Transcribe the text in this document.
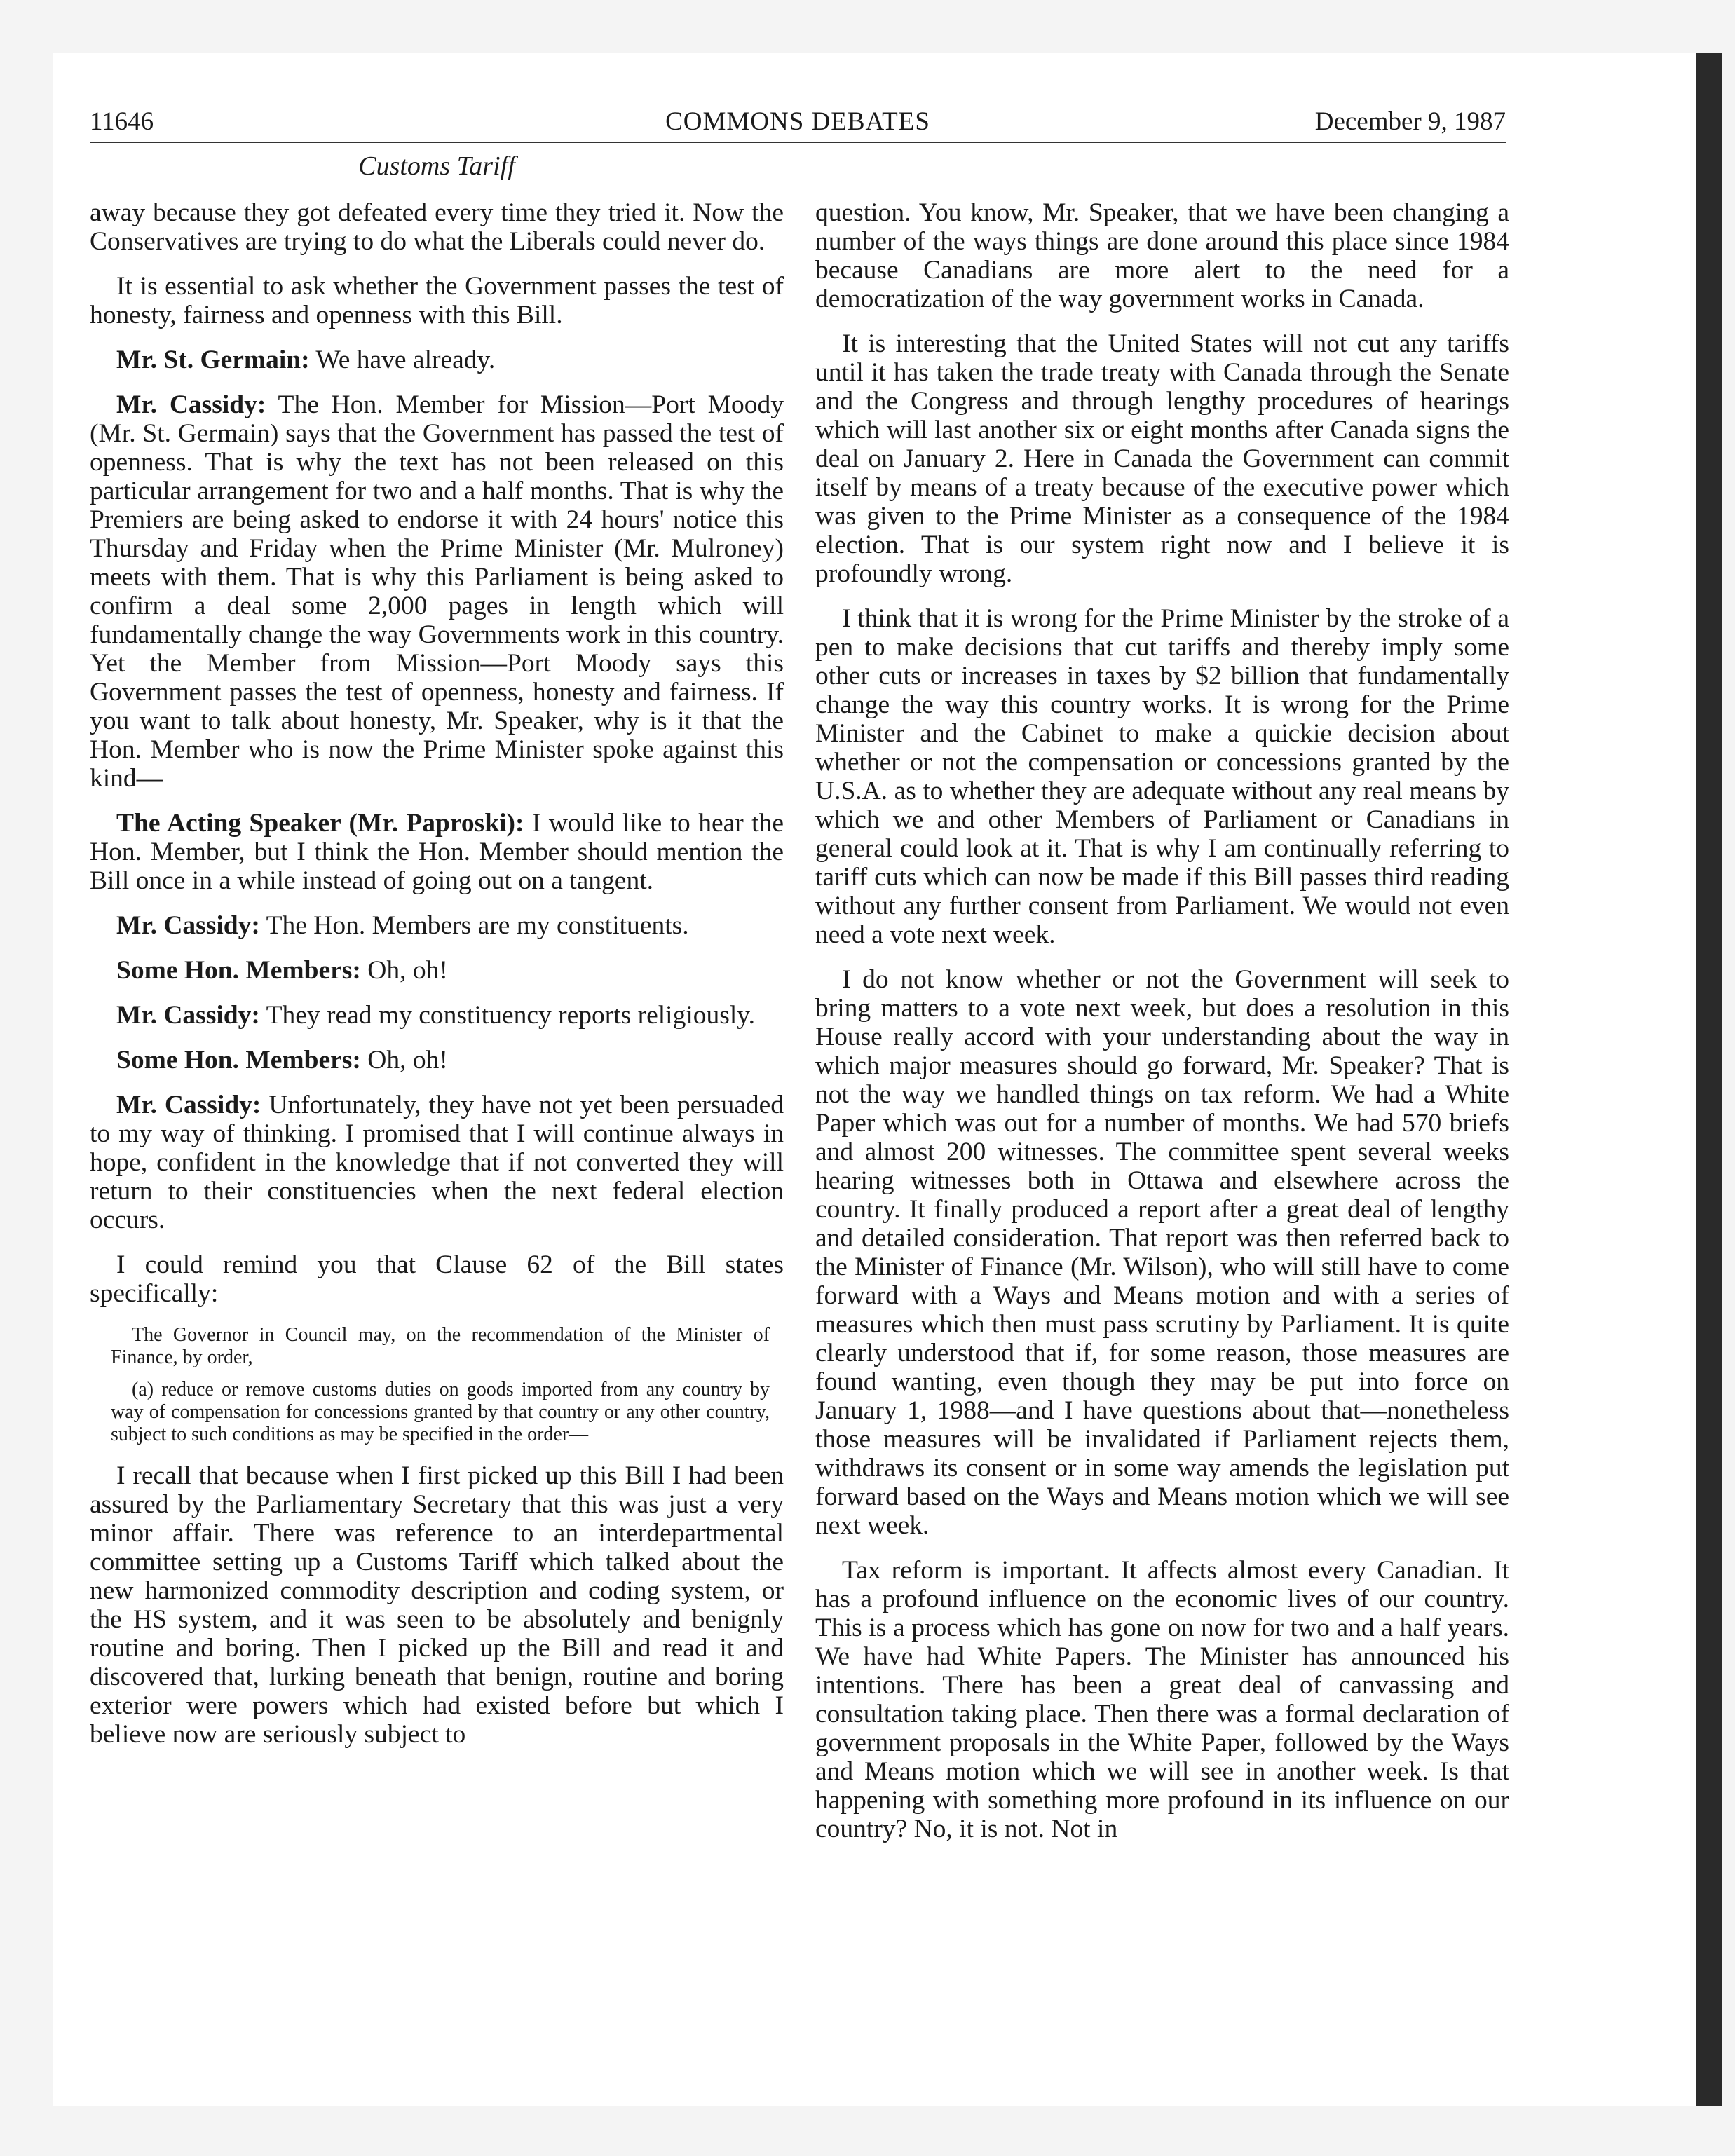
11646	COMMONS DEBATES	December 9, 1987
Customs Tariff

away because they got defeated every time they tried it. Now the Conservatives are trying to do what the Liberals could never do.

It is essential to ask whether the Government passes the test of honesty, fairness and openness with this Bill.

Mr. St. Germain: We have already.

Mr. Cassidy: The Hon. Member for Mission—Port Moody (Mr. St. Germain) says that the Government has passed the test of openness. That is why the text has not been released on this particular arrangement for two and a half months. That is why the Premiers are being asked to endorse it with 24 hours' notice this Thursday and Friday when the Prime Minister (Mr. Mulroney) meets with them. That is why this Parliament is being asked to confirm a deal some 2,000 pages in length which will fundamentally change the way Governments work in this country. Yet the Member from Mission—Port Moody says this Government passes the test of openness, honesty and fairness. If you want to talk about honesty, Mr. Speaker, why is it that the Hon. Member who is now the Prime Minister spoke against this kind—

The Acting Speaker (Mr. Paproski): I would like to hear the Hon. Member, but I think the Hon. Member should mention the Bill once in a while instead of going out on a tangent.

Mr. Cassidy: The Hon. Members are my constituents.

Some Hon. Members: Oh, oh!

Mr. Cassidy: They read my constituency reports religiously.

Some Hon. Members: Oh, oh!

Mr. Cassidy: Unfortunately, they have not yet been persuaded to my way of thinking. I promised that I will continue always in hope, confident in the knowledge that if not converted they will return to their constituencies when the next federal election occurs.

I could remind you that Clause 62 of the Bill states specifically:

The Governor in Council may, on the recommendation of the Minister of Finance, by order,
(a) reduce or remove customs duties on goods imported from any country by way of compensation for concessions granted by that country or any other country, subject to such conditions as may be specified in the order—

I recall that because when I first picked up this Bill I had been assured by the Parliamentary Secretary that this was just a very minor affair. There was reference to an interdepartmental committee setting up a Customs Tariff which talked about the new harmonized commodity description and coding system, or the HS system, and it was seen to be absolutely and benignly routine and boring. Then I picked up the Bill and read it and discovered that, lurking beneath that benign, routine and boring exterior were powers which had existed before but which I believe now are seriously subject to

question. You know, Mr. Speaker, that we have been changing a number of the ways things are done around this place since 1984 because Canadians are more alert to the need for a democratization of the way government works in Canada.

It is interesting that the United States will not cut any tariffs until it has taken the trade treaty with Canada through the Senate and the Congress and through lengthy procedures of hearings which will last another six or eight months after Canada signs the deal on January 2. Here in Canada the Government can commit itself by means of a treaty because of the executive power which was given to the Prime Minister as a consequence of the 1984 election. That is our system right now and I believe it is profoundly wrong.

I think that it is wrong for the Prime Minister by the stroke of a pen to make decisions that cut tariffs and thereby imply some other cuts or increases in taxes by $2 billion that fundamentally change the way this country works. It is wrong for the Prime Minister and the Cabinet to make a quickie decision about whether or not the compensation or concessions granted by the U.S.A. as to whether they are adequate without any real means by which we and other Members of Parliament or Canadians in general could look at it. That is why I am continually referring to tariff cuts which can now be made if this Bill passes third reading without any further consent from Parliament. We would not even need a vote next week.

I do not know whether or not the Government will seek to bring matters to a vote next week, but does a resolution in this House really accord with your understanding about the way in which major measures should go forward, Mr. Speaker? That is not the way we handled things on tax reform. We had a White Paper which was out for a number of months. We had 570 briefs and almost 200 witnesses. The committee spent several weeks hearing witnesses both in Ottawa and elsewhere across the country. It finally produced a report after a great deal of lengthy and detailed consideration. That report was then referred back to the Minister of Finance (Mr. Wilson), who will still have to come forward with a Ways and Means motion and with a series of measures which then must pass scrutiny by Parliament. It is quite clearly understood that if, for some reason, those measures are found wanting, even though they may be put into force on January 1, 1988—and I have questions about that—nonetheless those measures will be invalidated if Parliament rejects them, withdraws its consent or in some way amends the legislation put forward based on the Ways and Means motion which we will see next week.

Tax reform is important. It affects almost every Canadian. It has a profound influence on the economic lives of our country. This is a process which has gone on now for two and a half years. We have had White Papers. The Minister has announced his intentions. There has been a great deal of canvassing and consultation taking place. Then there was a formal declaration of government proposals in the White Paper, followed by the Ways and Means motion which we will see in another week. Is that happening with something more profound in its influence on our country? No, it is not. Not in
